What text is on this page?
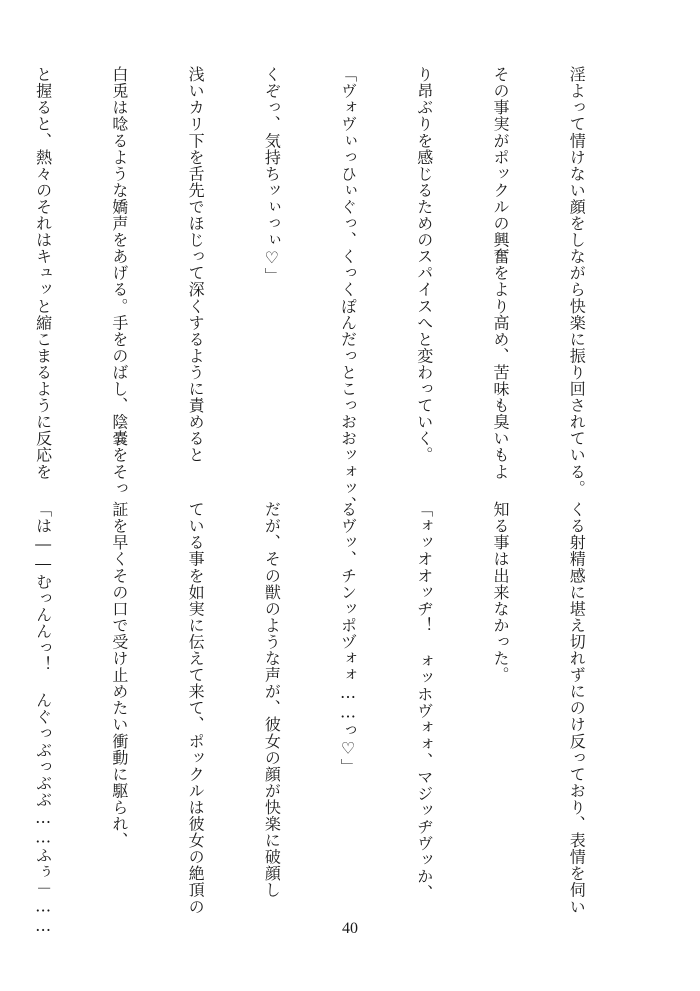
淫よって情けない顔をしながら快楽に振り回されている。

その事実がポックルの興奮をより高め、苦味も臭いもよ

り昂ぶりを感じるためのスパイスへと変わっていく。

「ヴォヴぃっひぃぐっ、くっくぽんだっとこっおおッォッ、

くぞっ、気持ちッぃっぃ♡」

浅いカリ下を舌先でほじって深くするように責めると

白兎は唸るような嬌声をあげる。手をのばし、陰嚢をそっ

と握ると、熱々のそれはキュッと縮こまるように反応を

くる射精感に堪え切れずにのけ反っており、表情を伺い

知る事は出来なかった。

「ォッオオッヂ！ ォッホヴォォ、マジッヂヴッか、

るヴッ、チンッポヅォォ……っ♡」

だが、その獣のような声が、彼女の顔が快楽に破顔し

ている事を如実に伝えて来て、ポックルは彼女の絶頂の

証を早くその口で受け止めたい衝動に駆られ、

「は――むっんんっ！ んぐっぶっぶぶ……ふぅ－……

	40
